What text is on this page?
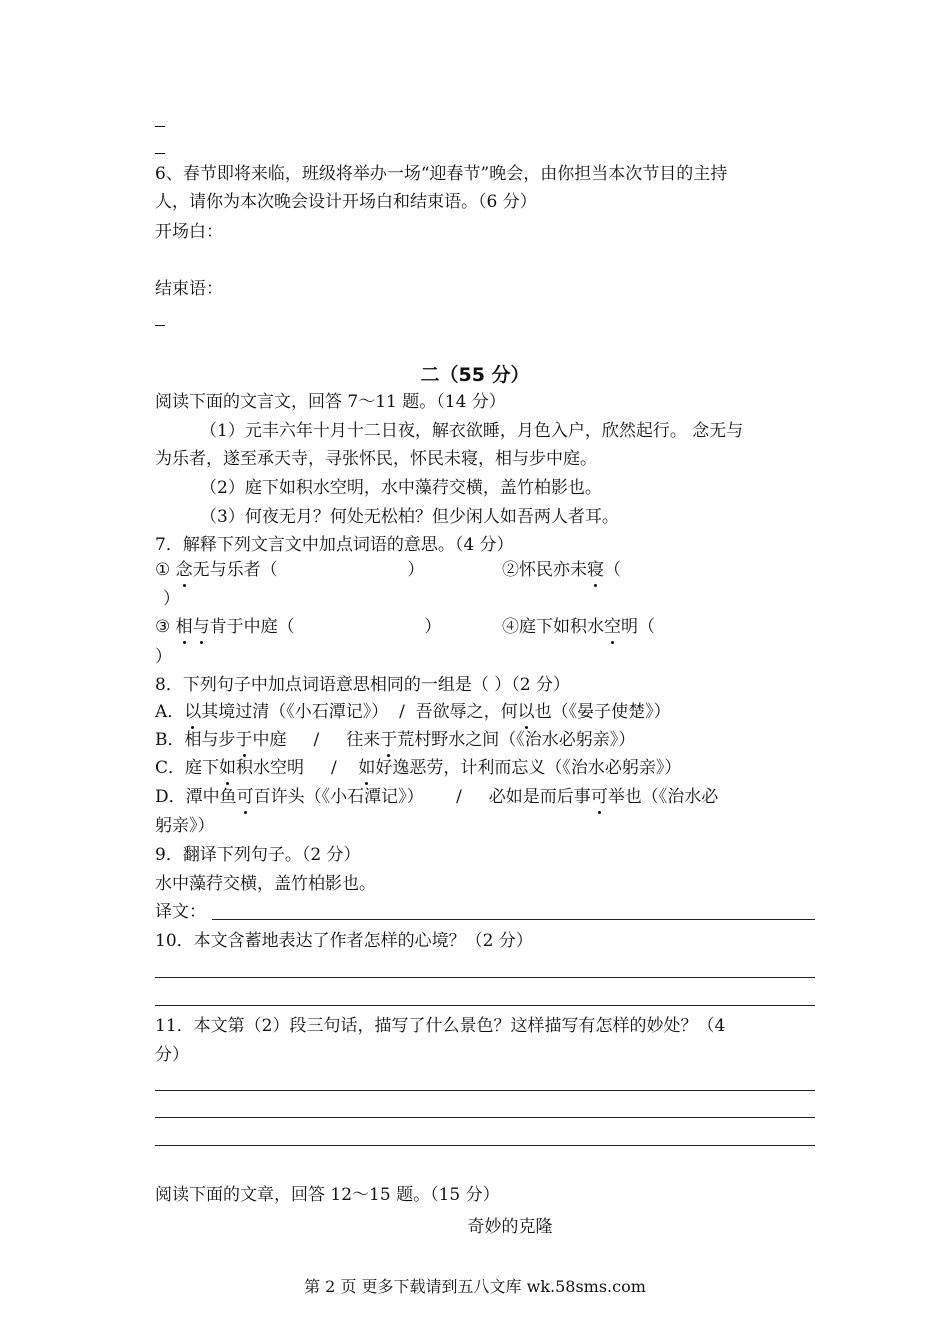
6、春节即将来临，班级将举办一场“迎春节”晚会，由你担当本次节目的主持
人，请你为本次晚会设计开场白和结束语。（6 分）
开场白：
结束语：
二（55 分）
阅读下面的文言文，回答 7～11 题。（14 分）
（1）元丰六年十月十二日夜，解衣欲睡，月色入户，欣然起行。 念无与
为乐者，遂至承天寺，寻张怀民，怀民未寝，相与步中庭。
（2）庭下如积水空明，水中藻荇交横，盖竹柏影也。
（3）何夜无月？何处无松柏？但少闲人如吾两人者耳。
7．解释下列文言文中加点词语的意思。（4 分）
① 念无与乐者（                        ）	②怀民亦未寝（
）
③ 相与肯于中庭（                        ）	④庭下如积水空明（
）
8．下列句子中加点词语意思相同的一组是（ ）（2 分）
A．以其境过清（《小石潭记》）  /  吾欲辱之，何以也（《晏子使楚》）
B．相与步于中庭     /     往来于荒村野水之间（《治水必躬亲》）
C．庭下如积水空明     /    如好逸恶劳，计利而忘义（《治水必躬亲》）
D．潭中鱼可百许头（《小石潭记》）      /     必如是而后事可举也（《治水必
躬亲》）
9．翻译下列句子。（2 分）
水中藻荇交横，盖竹柏影也。
译文：
10．本文含蓄地表达了作者怎样的心境？（2 分）
11．本文第（2）段三句话，描写了什么景色？这样描写有怎样的妙处？（4
分）
阅读下面的文章，回答 12～15 题。（15 分）
奇妙的克隆
第 2 页 更多下载请到五八文库 wk.58sms.com
